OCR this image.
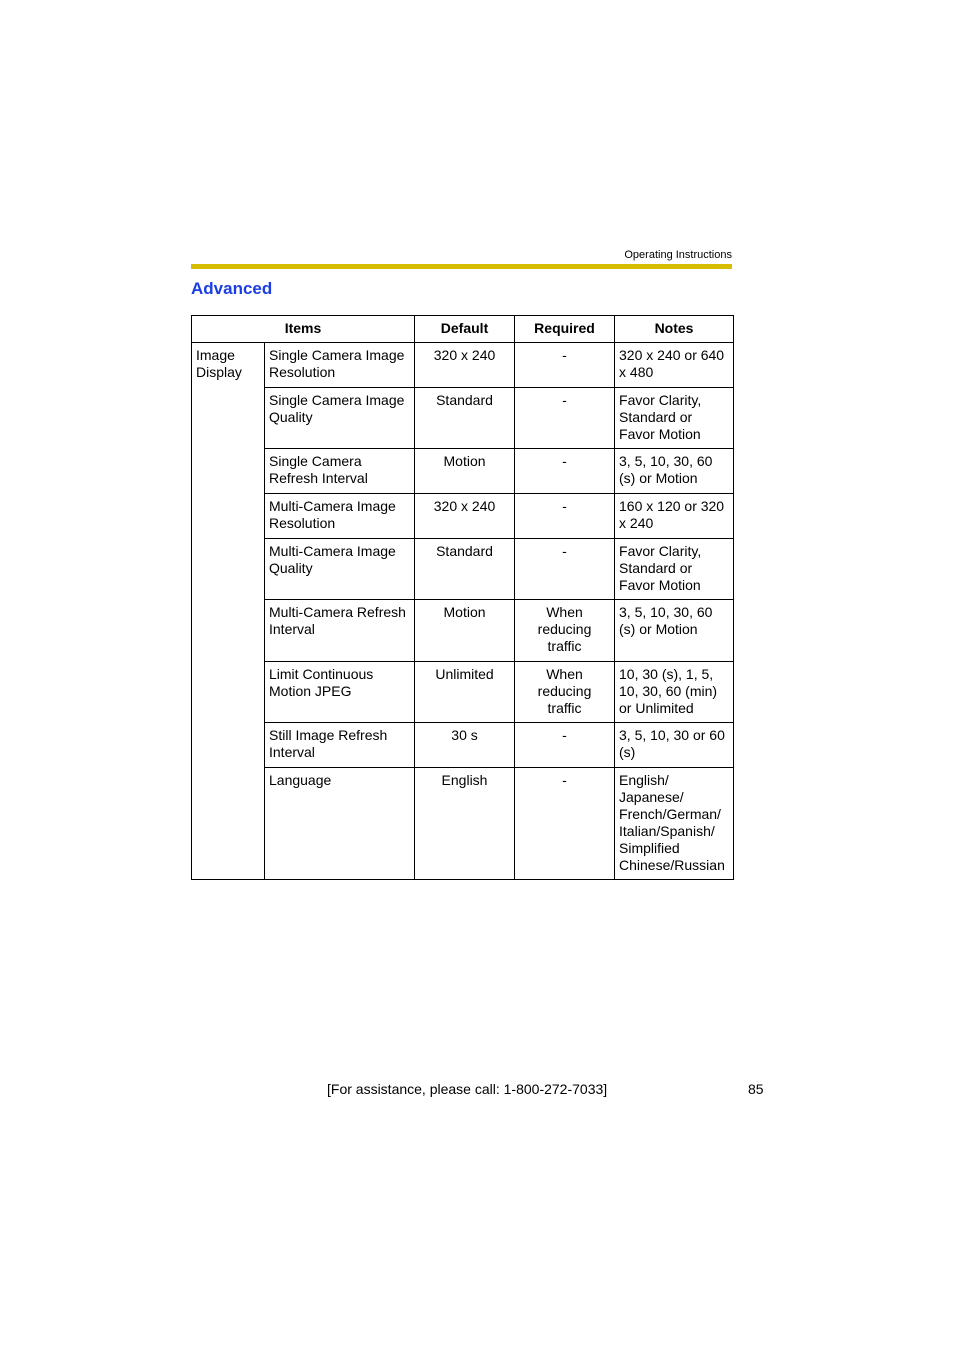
Operating Instructions
Advanced
Items		Default	Required	Notes
Image Display	Single Camera Image Resolution	320 x 240	-	320 x 240 or 640 x 480
	Single Camera Image Quality	Standard	-	Favor Clarity, Standard or Favor Motion
	Single Camera Refresh Interval	Motion	-	3, 5, 10, 30, 60 (s) or Motion
	Multi-Camera Image Resolution	320 x 240	-	160 x 120 or 320 x 240
	Multi-Camera Image Quality	Standard	-	Favor Clarity, Standard or Favor Motion
	Multi-Camera Refresh Interval	Motion	When reducing traffic	3, 5, 10, 30, 60 (s) or Motion
	Limit Continuous Motion JPEG	Unlimited	When reducing traffic	10, 30 (s), 1, 5, 10, 30, 60 (min) or Unlimited
	Still Image Refresh Interval	30 s	-	3, 5, 10, 30 or 60 (s)
	Language	English	-	English/ Japanese/ French/German/ Italian/Spanish/ Simplified Chinese/Russian
[For assistance, please call: 1-800-272-7033]	85
